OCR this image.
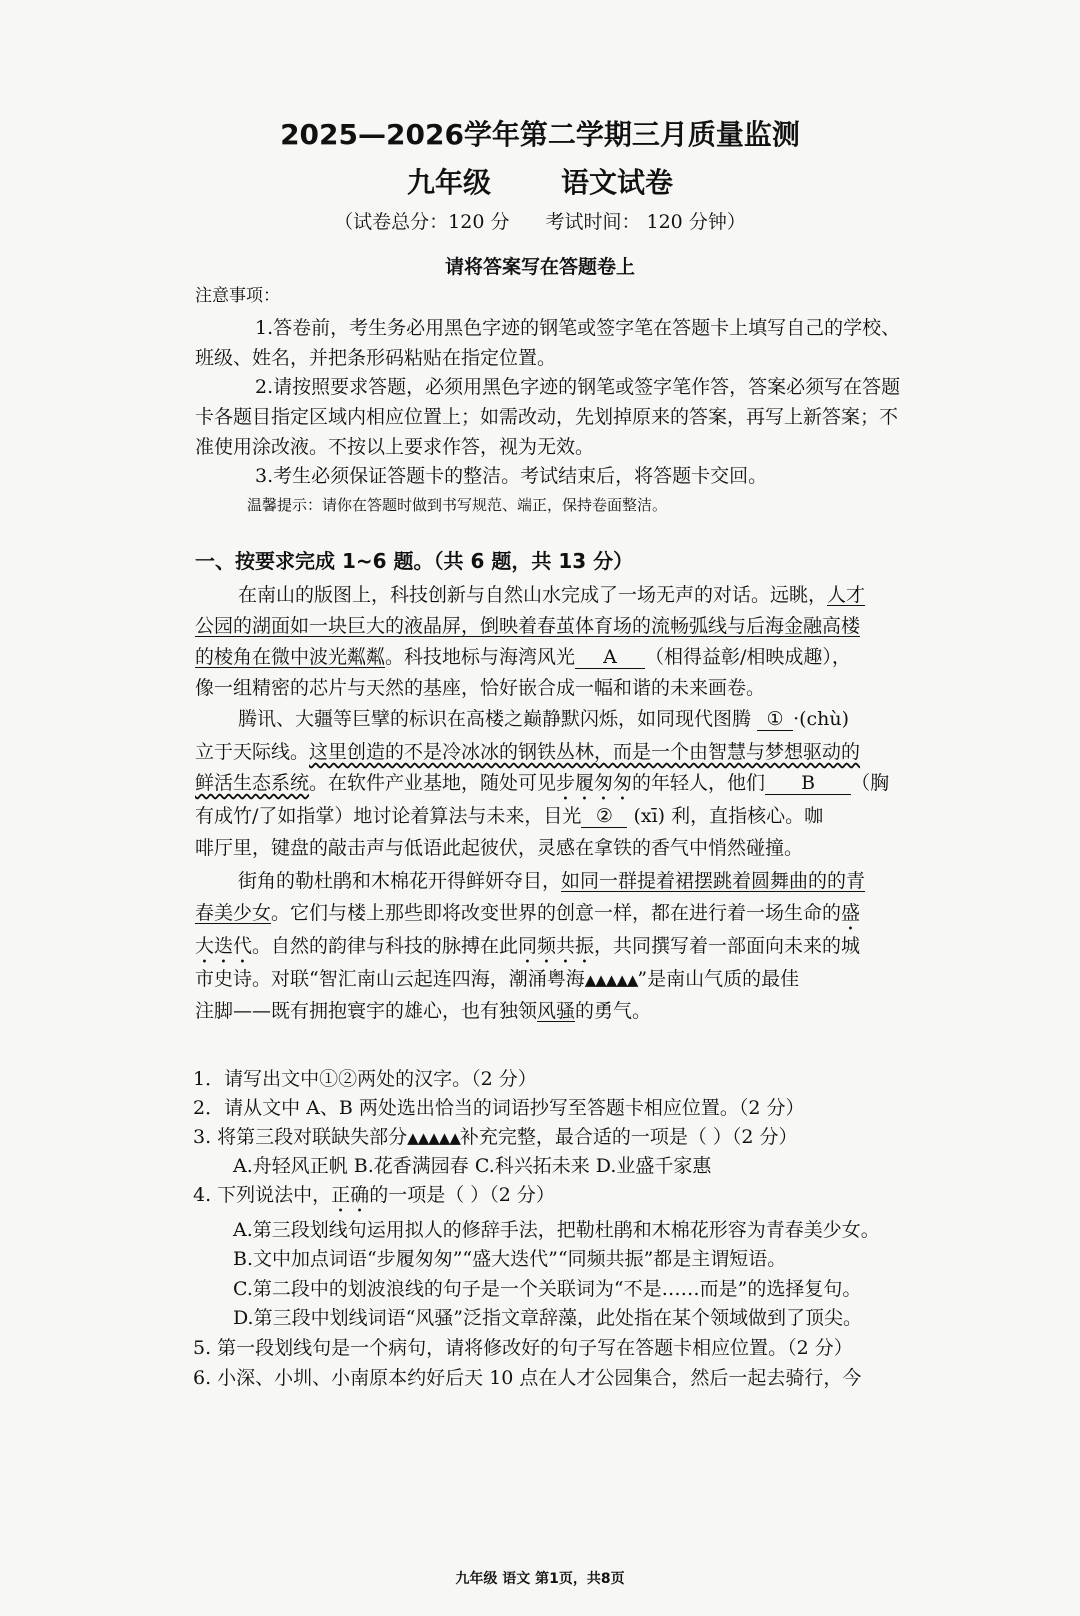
2025—2026学年第二学期三月质量监测
九年级	语文试卷
（试卷总分：120 分 考试时间： 120 分钟）
请将答案写在答题卷上
注意事项：
1.答卷前，考生务必用黑色字迹的钢笔或签字笔在答题卡上填写自己的学校、
班级、姓名，并把条形码粘贴在指定位置。
2.请按照要求答题，必须用黑色字迹的钢笔或签字笔作答，答案必须写在答题
卡各题目指定区域内相应位置上；如需改动，先划掉原来的答案，再写上新答案；不
准使用涂改液。不按以上要求作答，视为无效。
3.考生必须保证答题卡的整洁。考试结束后，将答题卡交回。
温馨提示：请你在答题时做到书写规范、端正，保持卷面整洁。
一、按要求完成 1~6 题。（共 6 题，共 13 分）
在南山的版图上，科技创新与自然山水完成了一场无声的对话。远眺，人才
公园的湖面如一块巨大的液晶屏，倒映着春茧体育场的流畅弧线与后海金融高楼
的棱角在微中波光粼粼。科技地标与海湾风光 A （相得益彰/相映成趣），
像一组精密的芯片与天然的基座，恰好嵌合成一幅和谐的未来画卷。
腾讯、大疆等巨擘的标识在高楼之巅静默闪烁，如同现代图腾 ① ·(chù)
立于天际线。这里创造的不是冷冰冰的钢铁丛林，而是一个由智慧与梦想驱动的
鲜活生态系统。在软件产业基地，随处可见步履匆匆的年轻人，他们 B （胸
有成竹/了如指掌）地讨论着算法与未来，目光 ② (xī) 利，直指核心。咖
啡厅里，键盘的敲击声与低语此起彼伏，灵感在拿铁的香气中悄然碰撞。
街角的勒杜鹃和木棉花开得鲜妍夺目，如同一群提着裙摆跳着圆舞曲的的青
春美少女。它们与楼上那些即将改变世界的创意一样，都在进行着一场生命的盛
大迭代。自然的韵律与科技的脉搏在此同频共振，共同撰写着一部面向未来的城
市史诗。对联“智汇南山云起连四海，潮涌粤海▲▲▲▲▲”是南山气质的最佳
注脚——既有拥抱寰宇的雄心，也有独领风骚的勇气。
1．请写出文中①②两处的汉字。（2 分）
2．请从文中 A、B 两处选出恰当的词语抄写至答题卡相应位置。（2 分）
3. 将第三段对联缺失部分▲▲▲▲▲补充完整，最合适的一项是（ ）（2 分）
A.舟轻风正帆 B.花香满园春 C.科兴拓未来 D.业盛千家惠
4. 下列说法中，正确的一项是（ ）（2 分）
A.第三段划线句运用拟人的修辞手法，把勒杜鹃和木棉花形容为青春美少女。
B.文中加点词语“步履匆匆”“盛大迭代”“同频共振”都是主谓短语。
C.第二段中的划波浪线的句子是一个关联词为“不是……而是”的选择复句。
D.第三段中划线词语“风骚”泛指文章辞藻，此处指在某个领域做到了顶尖。
5. 第一段划线句是一个病句，请将修改好的句子写在答题卡相应位置。（2 分）
6. 小深、小圳、小南原本约好后天 10 点在人才公园集合，然后一起去骑行，今
九年级 语文 第1页，共8页
